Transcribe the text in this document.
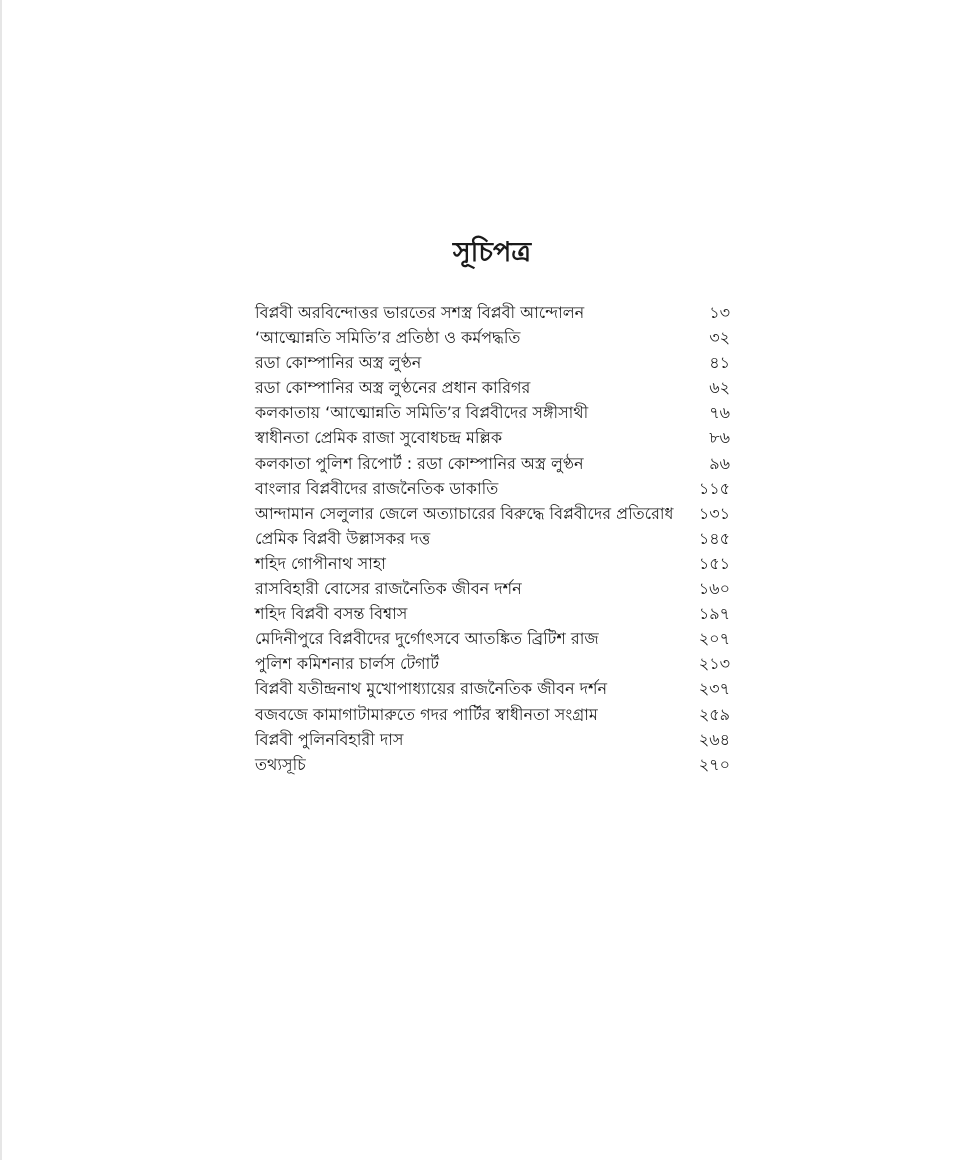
সূচিপত্র
বিপ্লবী অরবিন্দোত্তর ভারতের সশস্ত্র বিপ্লবী আন্দোলন	১৩
‘আত্মোন্নতি সমিতি’র প্রতিষ্ঠা ও কর্মপদ্ধতি	৩২
রডা কোম্পানির অস্ত্র লুণ্ঠন	৪১
রডা কোম্পানির অস্ত্র লুণ্ঠনের প্রধান কারিগর	৬২
কলকাতায় ‘আত্মোন্নতি সমিতি’র বিপ্লবীদের সঙ্গীসাথী	৭৬
স্বাধীনতা প্রেমিক রাজা সুবোধচন্দ্র মল্লিক	৮৬
কলকাতা পুলিশ রিপোর্ট : রডা কোম্পানির অস্ত্র লুণ্ঠন	৯৬
বাংলার বিপ্লবীদের রাজনৈতিক ডাকাতি	১১৫
আন্দামান সেলুলার জেলে অত্যাচারের বিরুদ্ধে বিপ্লবীদের প্রতিরোধ ১৩১
প্রেমিক বিপ্লবী উল্লাসকর দত্ত	১৪৫
শহিদ গোপীনাথ সাহা	১৫১
রাসবিহারী বোসের রাজনৈতিক জীবন দর্শন	১৬০
শহিদ বিপ্লবী বসন্ত বিশ্বাস	১৯৭
মেদিনীপুরে বিপ্লবীদের দুর্গোৎসবে আতঙ্কিত ব্রিটিশ রাজ	২০৭
পুলিশ কমিশনার চার্লস টেগার্ট	২১৩
বিপ্লবী যতীন্দ্রনাথ মুখোপাধ্যায়ের রাজনৈতিক জীবন দর্শন	২৩৭
বজবজে কামাগাটামারুতে গদর পার্টির স্বাধীনতা সংগ্রাম	২৫৯
বিপ্লবী পুলিনবিহারী দাস	২৬৪
তথ্যসূচি	২৭০
